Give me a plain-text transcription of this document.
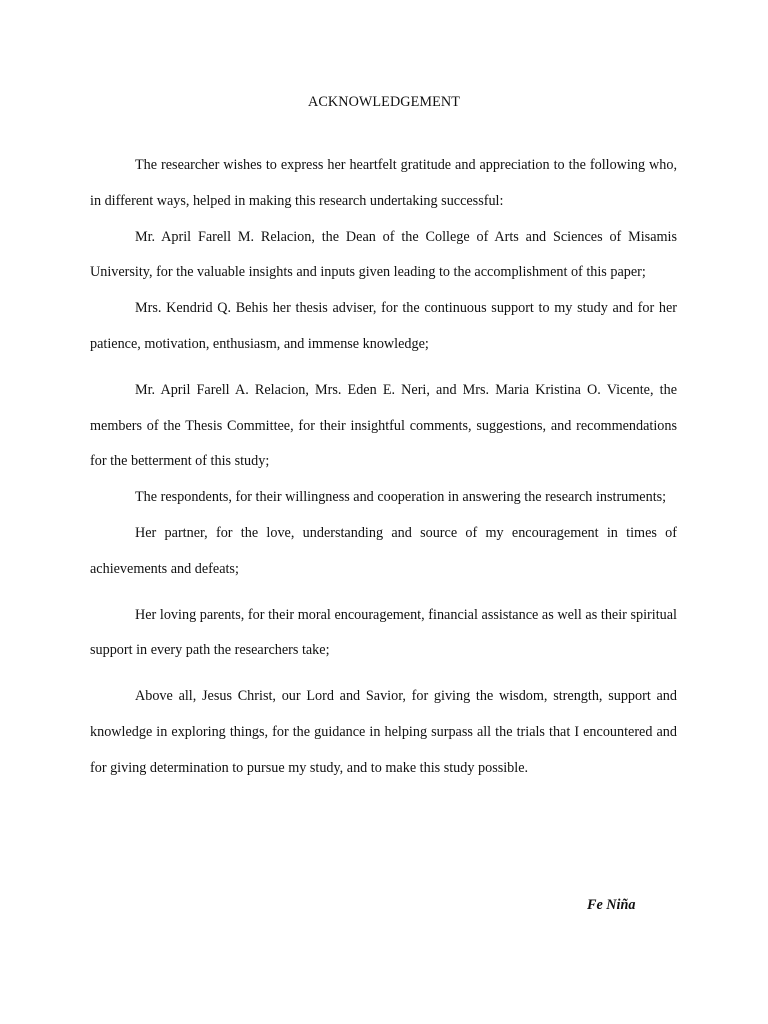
ACKNOWLEDGEMENT

The researcher wishes to express her heartfelt gratitude and appreciation to the following who, in different ways, helped in making this research undertaking successful:

Mr. April Farell M. Relacion, the Dean of the College of Arts and Sciences of Misamis University, for the valuable insights and inputs given leading to the accomplishment of this paper;

Mrs. Kendrid Q. Behis her thesis adviser, for the continuous support to my study and for her patience, motivation, enthusiasm, and immense knowledge;

Mr. April Farell A. Relacion, Mrs. Eden E. Neri, and Mrs. Maria Kristina O. Vicente, the members of the Thesis Committee, for their insightful comments, suggestions, and recommendations for the betterment of this study;

The respondents, for their willingness and cooperation in answering the research instruments;

Her partner, for the love, understanding and source of my encouragement in times of achievements and defeats;

Her loving parents, for their moral encouragement, financial assistance as well as their spiritual support in every path the researchers take;

Above all, Jesus Christ, our Lord and Savior, for giving the wisdom, strength, support and knowledge in exploring things, for the guidance in helping surpass all the trials that I encountered and for giving determination to pursue my study, and to make this study possible.

Fe Niña
